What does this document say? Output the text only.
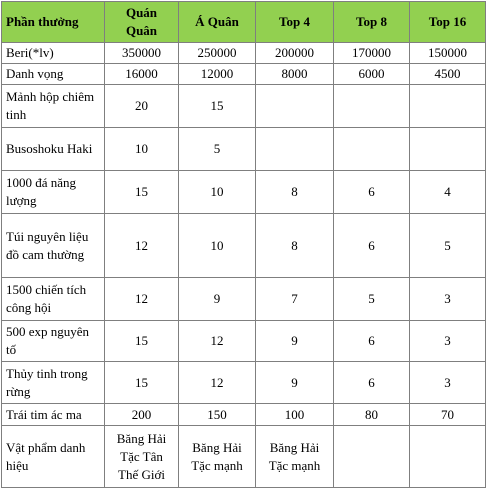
Phần thưởng	Quán Quân	Á Quân	Top 4	Top 8	Top 16
Beri(*lv)	350000	250000	200000	170000	150000
Danh vọng	16000	12000	8000	6000	4500
Mảnh hộp chiêm tinh	20	15			
Busoshoku Haki	10	5			
1000 đá năng lượng	15	10	8	6	4
Túi nguyên liệu đồ cam thường	12	10	8	6	5
1500 chiến tích công hội	12	9	7	5	3
500 exp nguyên tố	15	12	9	6	3
Thủy tinh trong rừng	15	12	9	6	3
Trái tim ác ma	200	150	100	80	70
Vật phẩm danh hiệu	Băng Hải Tặc Tân Thế Giới	Băng Hải Tặc mạnh	Băng Hải Tặc mạnh		
